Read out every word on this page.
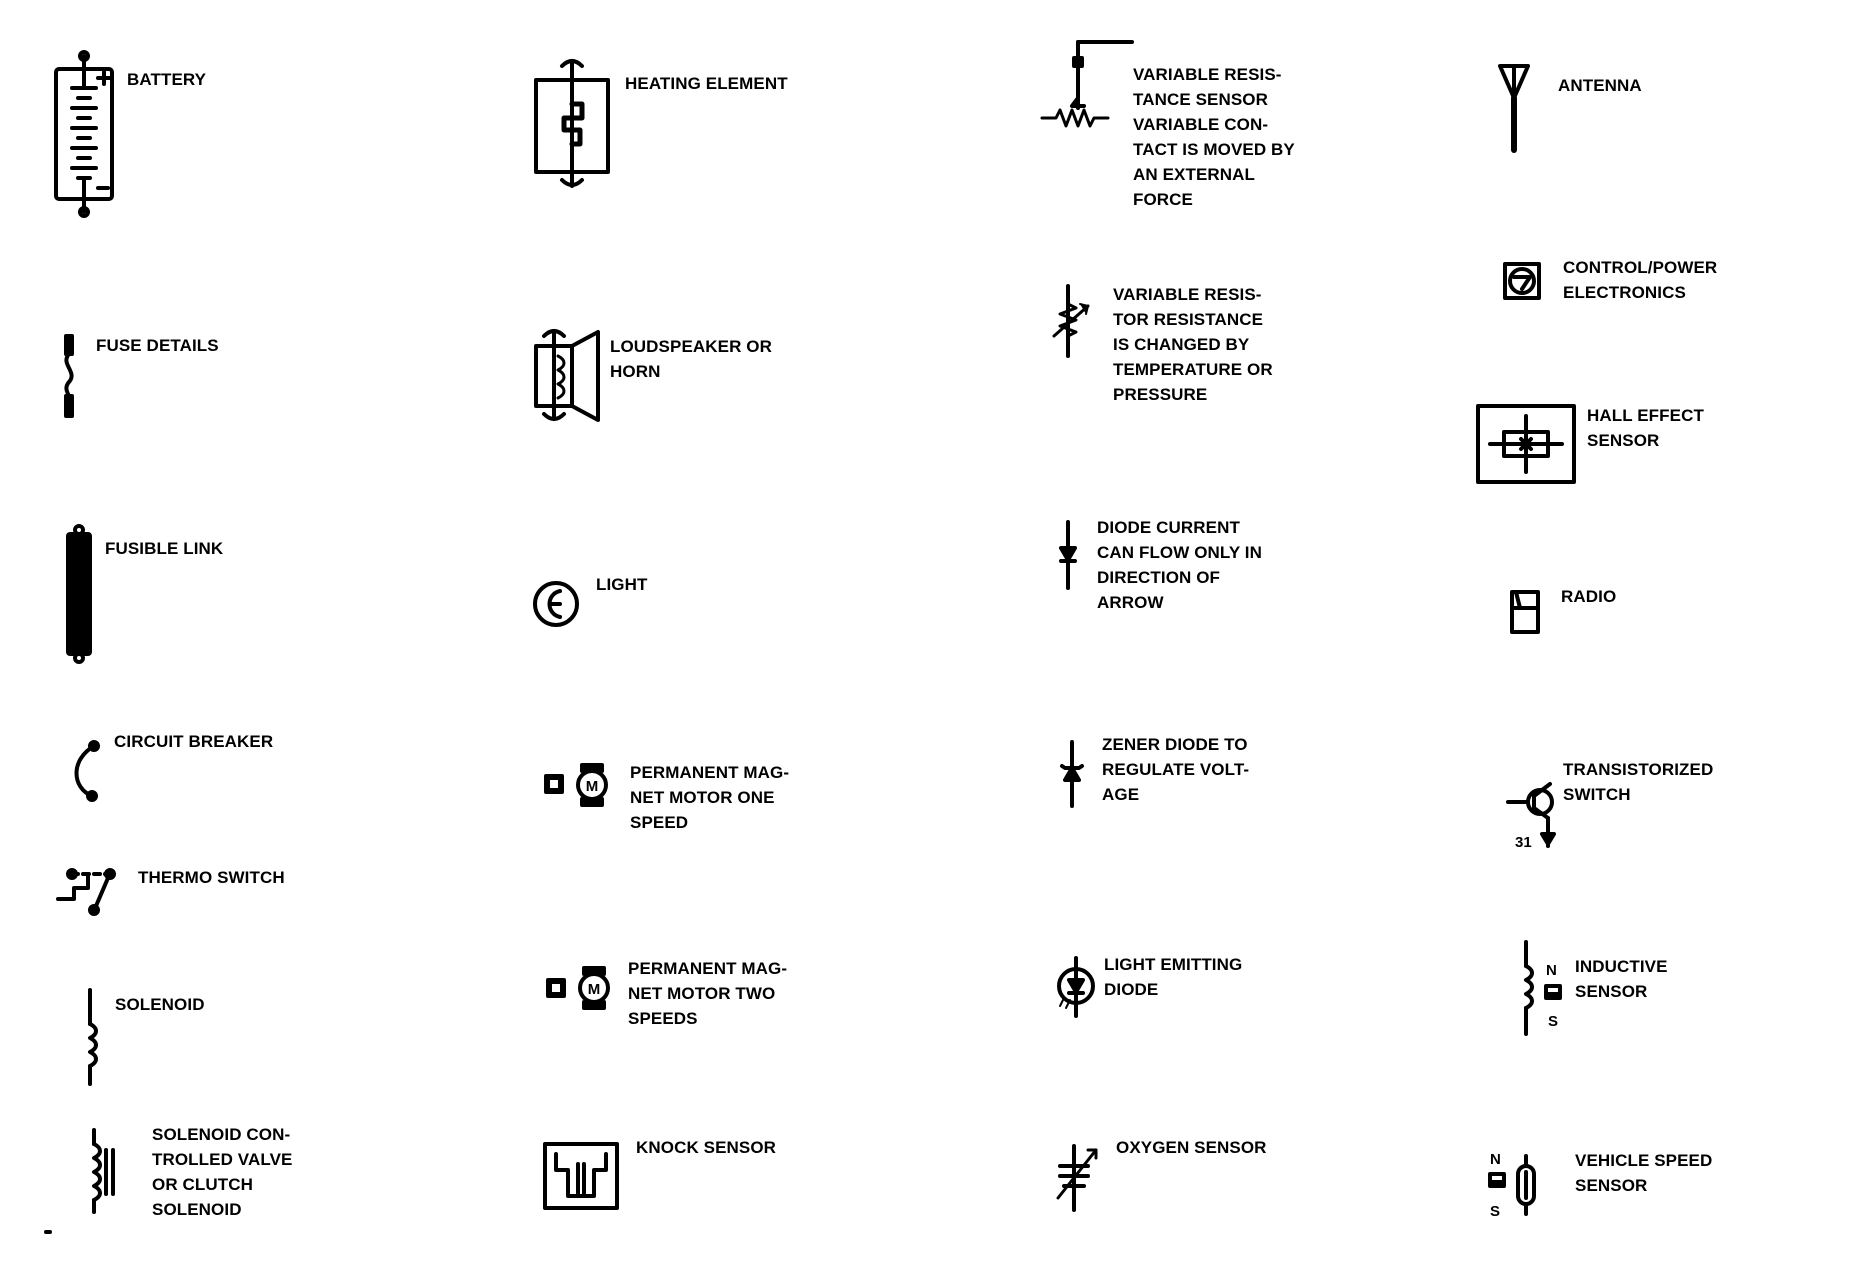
M
M
BATTERY
FUSE DETAILS
FUSIBLE LINK
CIRCUIT BREAKER
THERMO SWITCH
SOLENOID
SOLENOID CON-
TROLLED VALVE
OR CLUTCH
SOLENOID
HEATING ELEMENT
LOUDSPEAKER OR
HORN
LIGHT
PERMANENT MAG-
NET MOTOR ONE
SPEED
PERMANENT MAG-
NET MOTOR TWO
SPEEDS
KNOCK SENSOR
VARIABLE RESIS-
TANCE SENSOR
VARIABLE CON-
TACT IS MOVED BY
AN EXTERNAL
FORCE
VARIABLE RESIS-
TOR RESISTANCE
IS CHANGED BY
TEMPERATURE OR
PRESSURE
DIODE CURRENT
CAN FLOW ONLY IN
DIRECTION OF
ARROW
ZENER DIODE TO
REGULATE VOLT-
AGE
LIGHT EMITTING
DIODE
OXYGEN SENSOR
ANTENNA
CONTROL/POWER
ELECTRONICS
HALL EFFECT
SENSOR
RADIO
TRANSISTORIZED
SWITCH
31
INDUCTIVE
SENSOR
N
S
VEHICLE SPEED
SENSOR
N
S
